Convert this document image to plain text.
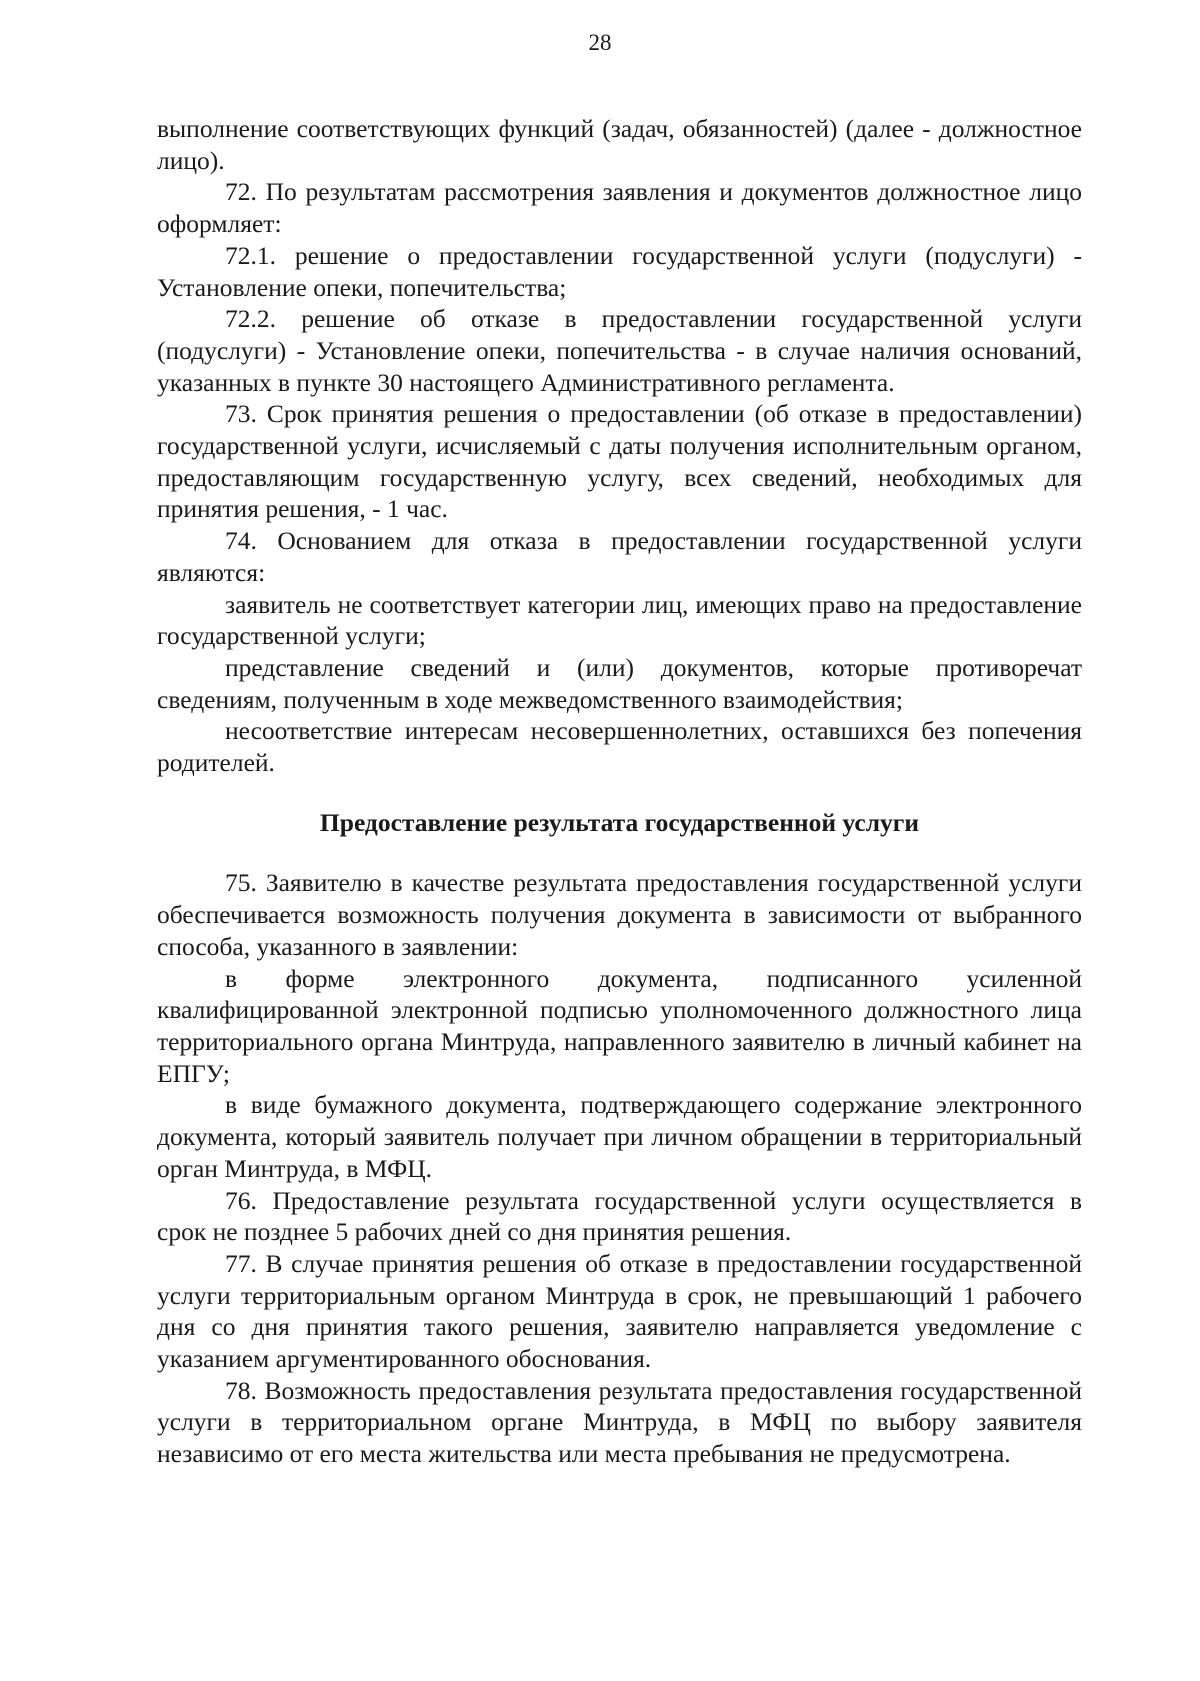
28

выполнение соответствующих функций (задач, обязанностей) (далее - должностное лицо).

72. По результатам рассмотрения заявления и документов должностное лицо оформляет:

72.1. решение о предоставлении государственной услуги (подуслуги) - Установление опеки, попечительства;

72.2. решение об отказе в предоставлении государственной услуги (подуслуги) - Установление опеки, попечительства - в случае наличия оснований, указанных в пункте 30 настоящего Административного регламента.

73. Срок принятия решения о предоставлении (об отказе в предоставлении) государственной услуги, исчисляемый с даты получения исполнительным органом, предоставляющим государственную услугу, всех сведений, необходимых для принятия решения, - 1 час.

74. Основанием для отказа в предоставлении государственной услуги являются:

заявитель не соответствует категории лиц, имеющих право на предоставление государственной услуги;

представление сведений и (или) документов, которые противоречат сведениям, полученным в ходе межведомственного взаимодействия;

несоответствие интересам несовершеннолетних, оставшихся без попечения родителей.

Предоставление результата государственной услуги

75. Заявителю в качестве результата предоставления государственной услуги обеспечивается возможность получения документа в зависимости от выбранного способа, указанного в заявлении:

в форме электронного документа, подписанного усиленной квалифицированной электронной подписью уполномоченного должностного лица территориального органа Минтруда, направленного заявителю в личный кабинет на ЕПГУ;

в виде бумажного документа, подтверждающего содержание электронного документа, который заявитель получает при личном обращении в территориальный орган Минтруда, в МФЦ.

76. Предоставление результата государственной услуги осуществляется в срок не позднее 5 рабочих дней со дня принятия решения.

77. В случае принятия решения об отказе в предоставлении государственной услуги территориальным органом Минтруда в срок, не превышающий 1 рабочего дня со дня принятия такого решения, заявителю направляется уведомление с указанием аргументированного обоснования.

78. Возможность предоставления результата предоставления государственной услуги в территориальном органе Минтруда, в МФЦ по выбору заявителя независимо от его места жительства или места пребывания не предусмотрена.
